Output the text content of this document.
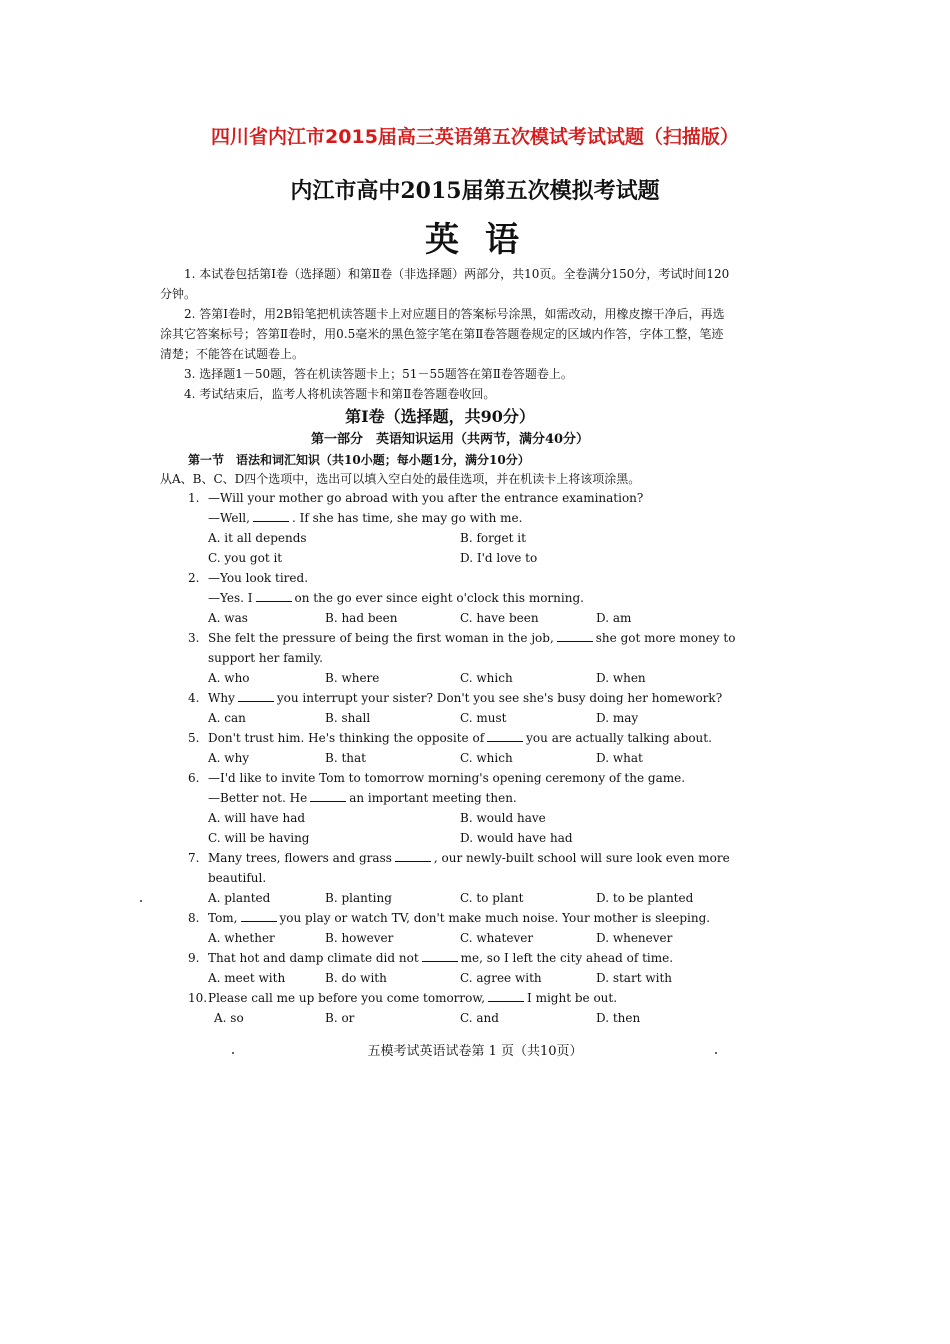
四川省内江市2015届高三英语第五次模试考试试题（扫描版）
内江市高中2015届第五次模拟考试题
英语

1. 本试卷包括第Ⅰ卷（选择题）和第Ⅱ卷（非选择题）两部分，共10页。全卷满分150分，考试时间120分钟。

2. 答第Ⅰ卷时，用2B铅笔把机读答题卡上对应题目的答案标号涂黑，如需改动，用橡皮擦干净后，再选涂其它答案标号；答第Ⅱ卷时，用0.5毫米的黑色签字笔在第Ⅱ卷答题卷规定的区域内作答，字体工整，笔迹清楚；不能答在试题卷上。

3. 选择题1－50题，答在机读答题卡上；51－55题答在第Ⅱ卷答题卷上。

4. 考试结束后，监考人将机读答题卡和第Ⅱ卷答题卷收回。

第Ⅰ卷（选择题，共90分）
第一部分　英语知识运用（共两节，满分40分）
第一节　语法和词汇知识（共10小题；每小题1分，满分10分）
从A、B、C、D四个选项中，选出可以填入空白处的最佳选项，并在机读卡上将该项涂黑。
1. —Will your mother go abroad with you after the entrance examination?
—Well,	. If she has time, she may go with me.
A. it all depends	B. forget it
C. you got it	D. I'd love to
2. —You look tired.
—Yes. I	on the go ever since eight o'clock this morning.
A. was	B. had been	C. have been	D. am
3. She felt the pressure of being the first woman in the job,	she got more money to
support her family.
A. who	B. where	C. which	D. when
4. Why	you interrupt your sister? Don't you see she's busy doing her homework?
A. can	B. shall	C. must	D. may
5. Don't trust him. He's thinking the opposite of	you are actually talking about.
A. why	B. that	C. which	D. what
6. —I'd like to invite Tom to tomorrow morning's opening ceremony of the game.
—Better not. He	an important meeting then.
A. will have had	B. would have
C. will be having	D. would have had
7. Many trees, flowers and grass	, our newly-built school will sure look even more
beautiful.
A. planted	B. planting	C. to plant	D. to be planted
8. Tom,	you play or watch TV, don't make much noise. Your mother is sleeping.
A. whether	B. however	C. whatever	D. whenever
9. That hot and damp climate did not	me, so I left the city ahead of time.
A. meet with	B. do with	C. agree with	D. start with
10.Please call me up before you come tomorrow,	I might be out.
A. so	B. or	C. and	D. then
五模考试英语试卷第 1 页（共10页）
